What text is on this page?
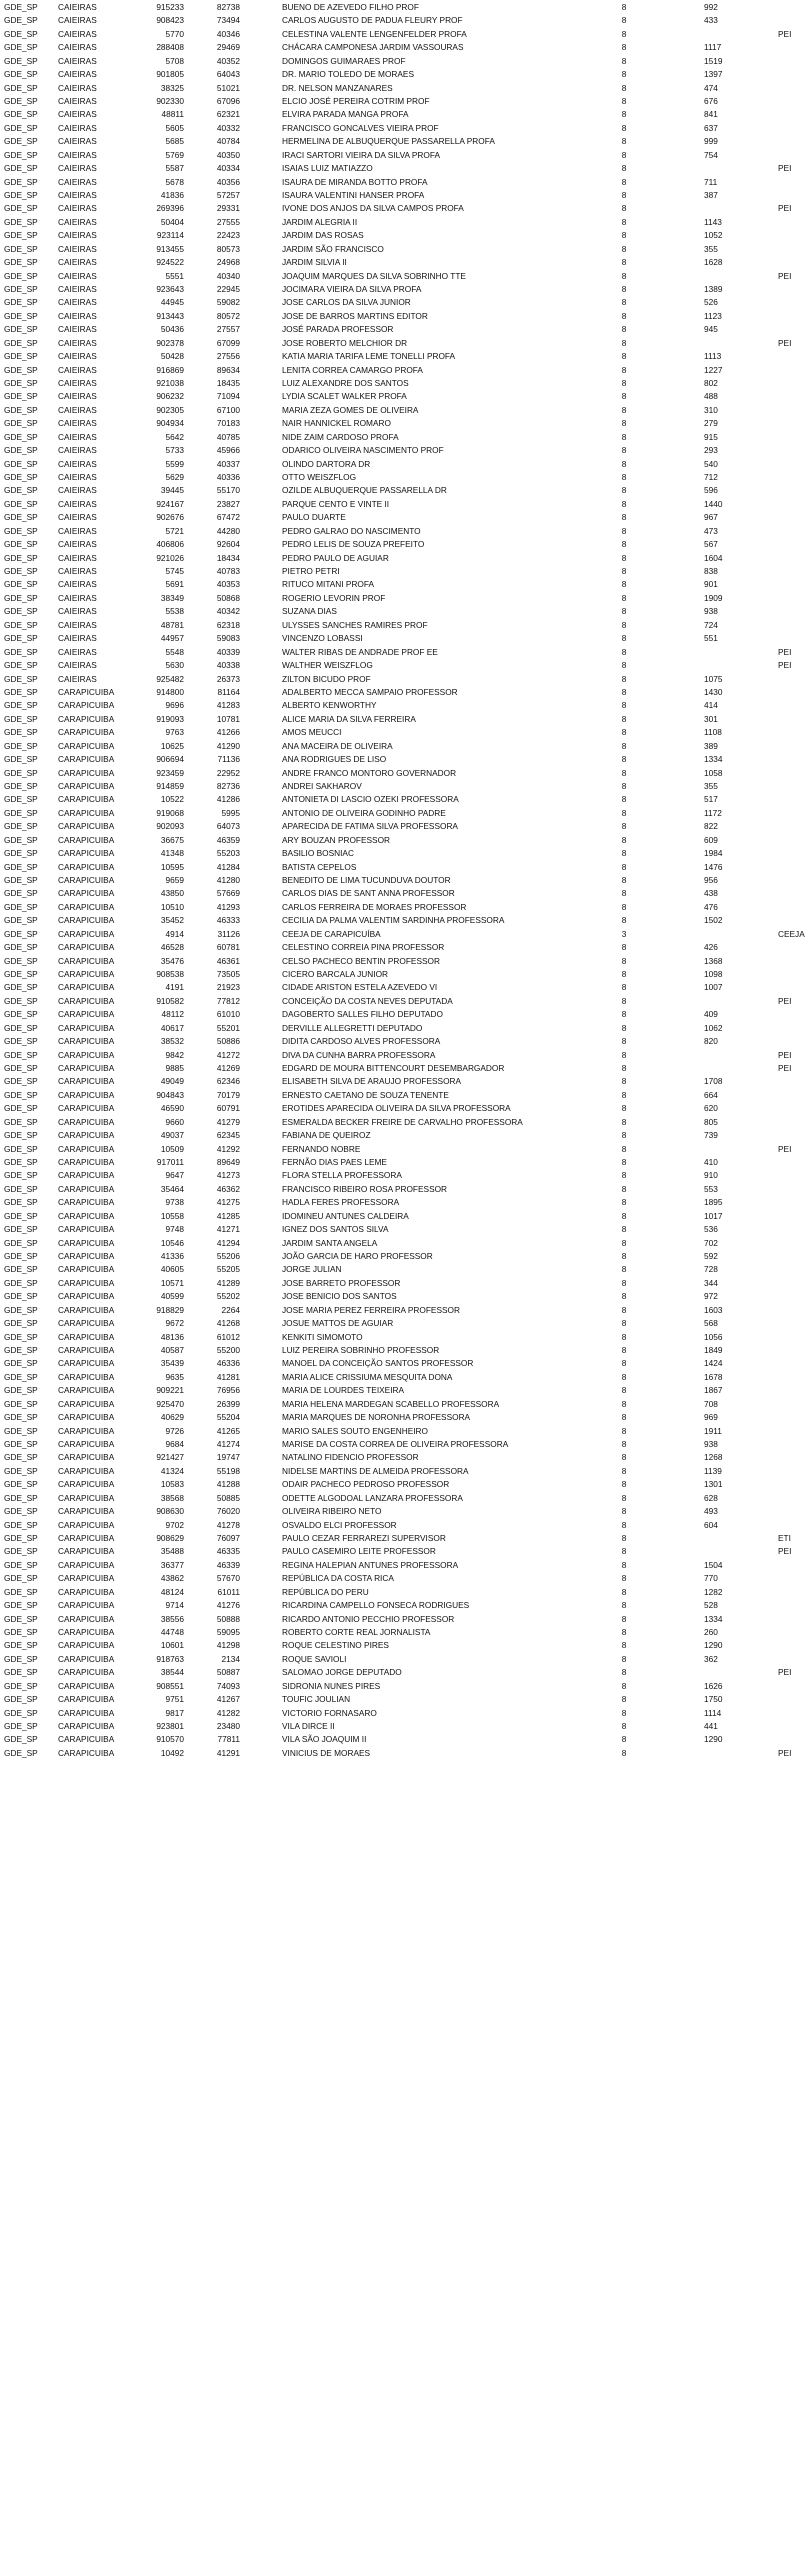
GDE_SP	CAIEIRAS	915233	82738	BUENO DE AZEVEDO FILHO PROF	8	992
GDE_SP	CAIEIRAS	908423	73494	CARLOS AUGUSTO DE PADUA FLEURY PROF	8	433
GDE_SP	CAIEIRAS	5770	40346	CELESTINA VALENTE LENGENFELDER PROFA	8	PEI
GDE_SP	CAIEIRAS	288408	29469	CHÁCARA CAMPONESA JARDIM VASSOURAS	8	1117
GDE_SP	CAIEIRAS	5708	40352	DOMINGOS GUIMARAES PROF	8	1519
GDE_SP	CAIEIRAS	901805	64043	DR. MARIO TOLEDO DE MORAES	8	1397
GDE_SP	CAIEIRAS	38325	51021	DR. NELSON MANZANARES	8	474
GDE_SP	CAIEIRAS	902330	67096	ELCIO JOSÉ PEREIRA COTRIM PROF	8	676
GDE_SP	CAIEIRAS	48811	62321	ELVIRA PARADA MANGA PROFA	8	841
GDE_SP	CAIEIRAS	5605	40332	FRANCISCO GONCALVES VIEIRA PROF	8	637
GDE_SP	CAIEIRAS	5685	40784	HERMELINA DE ALBUQUERQUE PASSARELLA PROFA	8	999
GDE_SP	CAIEIRAS	5769	40350	IRACI SARTORI VIEIRA DA SILVA PROFA	8	754
GDE_SP	CAIEIRAS	5587	40334	ISAIAS LUIZ MATIAZZO	8	PEI
GDE_SP	CAIEIRAS	5678	40356	ISAURA DE MIRANDA BOTTO PROFA	8	711
GDE_SP	CAIEIRAS	41836	57257	ISAURA VALENTINI HANSER PROFA	8	387
GDE_SP	CAIEIRAS	269396	29331	IVONE DOS ANJOS DA SILVA CAMPOS PROFA	8	PEI
GDE_SP	CAIEIRAS	50404	27555	JARDIM ALEGRIA II	8	1143
GDE_SP	CAIEIRAS	923114	22423	JARDIM DAS ROSAS	8	1052
GDE_SP	CAIEIRAS	913455	80573	JARDIM SÃO FRANCISCO	8	355
GDE_SP	CAIEIRAS	924522	24968	JARDIM SILVIA II	8	1628
GDE_SP	CAIEIRAS	5551	40340	JOAQUIM MARQUES DA SILVA SOBRINHO TTE	8	PEI
GDE_SP	CAIEIRAS	923643	22945	JOCIMARA VIEIRA DA SILVA PROFA	8	1389
GDE_SP	CAIEIRAS	44945	59082	JOSE CARLOS DA SILVA JUNIOR	8	526
GDE_SP	CAIEIRAS	913443	80572	JOSE DE BARROS MARTINS EDITOR	8	1123
GDE_SP	CAIEIRAS	50436	27557	JOSÉ PARADA PROFESSOR	8	945
GDE_SP	CAIEIRAS	902378	67099	JOSE ROBERTO MELCHIOR DR	8	PEI
GDE_SP	CAIEIRAS	50428	27556	KATIA MARIA TARIFA LEME TONELLI PROFA	8	1113
GDE_SP	CAIEIRAS	916869	89634	LENITA CORREA CAMARGO PROFA	8	1227
GDE_SP	CAIEIRAS	921038	18435	LUIZ ALEXANDRE DOS SANTOS	8	802
GDE_SP	CAIEIRAS	906232	71094	LYDIA SCALET WALKER PROFA	8	488
GDE_SP	CAIEIRAS	902305	67100	MARIA ZEZA GOMES DE OLIVEIRA	8	310
GDE_SP	CAIEIRAS	904934	70183	NAIR HANNICKEL ROMARO	8	279
GDE_SP	CAIEIRAS	5642	40785	NIDE ZAIM CARDOSO PROFA	8	915
GDE_SP	CAIEIRAS	5733	45966	ODARICO OLIVEIRA NASCIMENTO PROF	8	293
GDE_SP	CAIEIRAS	5599	40337	OLINDO DARTORA DR	8	540
GDE_SP	CAIEIRAS	5629	40336	OTTO WEISZFLOG	8	712
GDE_SP	CAIEIRAS	39445	55170	OZILDE ALBUQUERQUE PASSARELLA DR	8	596
GDE_SP	CAIEIRAS	924167	23827	PARQUE CENTO E VINTE II	8	1440
GDE_SP	CAIEIRAS	902676	67472	PAULO DUARTE	8	967
GDE_SP	CAIEIRAS	5721	44280	PEDRO GALRAO DO NASCIMENTO	8	473
GDE_SP	CAIEIRAS	406806	92604	PEDRO LELIS DE SOUZA PREFEITO	8	567
GDE_SP	CAIEIRAS	921026	18434	PEDRO PAULO DE AGUIAR	8	1604
GDE_SP	CAIEIRAS	5745	40783	PIETRO PETRI	8	838
GDE_SP	CAIEIRAS	5691	40353	RITUCO MITANI PROFA	8	901
GDE_SP	CAIEIRAS	38349	50868	ROGERIO LEVORIN PROF	8	1909
GDE_SP	CAIEIRAS	5538	40342	SUZANA DIAS	8	938
GDE_SP	CAIEIRAS	48781	62318	ULYSSES SANCHES RAMIRES PROF	8	724
GDE_SP	CAIEIRAS	44957	59083	VINCENZO LOBASSI	8	551
GDE_SP	CAIEIRAS	5548	40339	WALTER RIBAS DE ANDRADE PROF EE	8	PEI
GDE_SP	CAIEIRAS	5630	40338	WALTHER WEISZFLOG	8	PEI
GDE_SP	CAIEIRAS	925482	26373	ZILTON BICUDO PROF	8	1075
GDE_SP	CARAPICUIBA	914800	81164	ADALBERTO MECCA SAMPAIO PROFESSOR	8	1430
GDE_SP	CARAPICUIBA	9696	41283	ALBERTO KENWORTHY	8	414
GDE_SP	CARAPICUIBA	919093	10781	ALICE MARIA DA SILVA FERREIRA	8	301
GDE_SP	CARAPICUIBA	9763	41266	AMOS MEUCCI	8	1108
GDE_SP	CARAPICUIBA	10625	41290	ANA MACEIRA DE OLIVEIRA	8	389
GDE_SP	CARAPICUIBA	906694	71136	ANA RODRIGUES DE LISO	8	1334
GDE_SP	CARAPICUIBA	923459	22952	ANDRE FRANCO MONTORO GOVERNADOR	8	1058
GDE_SP	CARAPICUIBA	914859	82736	ANDREI SAKHAROV	8	355
GDE_SP	CARAPICUIBA	10522	41286	ANTONIETA DI LASCIO OZEKI PROFESSORA	8	517
GDE_SP	CARAPICUIBA	919068	5995	ANTONIO DE OLIVEIRA GODINHO PADRE	8	1172
GDE_SP	CARAPICUIBA	902093	64073	APARECIDA DE FATIMA SILVA PROFESSORA	8	822
GDE_SP	CARAPICUIBA	36675	46359	ARY BOUZAN PROFESSOR	8	609
GDE_SP	CARAPICUIBA	41348	55203	BASILIO BOSNIAC	8	1984
GDE_SP	CARAPICUIBA	10595	41284	BATISTA CEPELOS	8	1476
GDE_SP	CARAPICUIBA	9659	41280	BENEDITO DE LIMA TUCUNDUVA DOUTOR	8	956
GDE_SP	CARAPICUIBA	43850	57669	CARLOS DIAS DE SANT ANNA PROFESSOR	8	438
GDE_SP	CARAPICUIBA	10510	41293	CARLOS FERREIRA DE MORAES PROFESSOR	8	476
GDE_SP	CARAPICUIBA	35452	46333	CECILIA DA PALMA VALENTIM SARDINHA PROFESSORA	8	1502
GDE_SP	CARAPICUIBA	4914	31126	CEEJA DE CARAPICUÍBA	3	CEEJA
GDE_SP	CARAPICUIBA	46528	60781	CELESTINO CORREIA PINA PROFESSOR	8	426
GDE_SP	CARAPICUIBA	35476	46361	CELSO PACHECO BENTIN PROFESSOR	8	1368
GDE_SP	CARAPICUIBA	908538	73505	CICERO BARCALA JUNIOR	8	1098
GDE_SP	CARAPICUIBA	4191	21923	CIDADE ARISTON ESTELA AZEVEDO VI	8	1007
GDE_SP	CARAPICUIBA	910582	77812	CONCEIÇÃO DA COSTA NEVES DEPUTADA	8	PEI
GDE_SP	CARAPICUIBA	48112	61010	DAGOBERTO SALLES FILHO DEPUTADO	8	409
GDE_SP	CARAPICUIBA	40617	55201	DERVILLE ALLEGRETTI DEPUTADO	8	1062
GDE_SP	CARAPICUIBA	38532	50886	DIDITA CARDOSO ALVES PROFESSORA	8	820
GDE_SP	CARAPICUIBA	9842	41272	DIVA DA CUNHA BARRA PROFESSORA	8	PEI
GDE_SP	CARAPICUIBA	9885	41269	EDGARD DE MOURA BITTENCOURT DESEMBARGADOR	8	PEI
GDE_SP	CARAPICUIBA	49049	62346	ELISABETH SILVA DE ARAUJO PROFESSORA	8	1708
GDE_SP	CARAPICUIBA	904843	70179	ERNESTO CAETANO DE SOUZA TENENTE	8	664
GDE_SP	CARAPICUIBA	46590	60791	EROTIDES APARECIDA OLIVEIRA DA SILVA PROFESSORA	8	620
GDE_SP	CARAPICUIBA	9660	41279	ESMERALDA BECKER FREIRE DE CARVALHO PROFESSORA	8	805
GDE_SP	CARAPICUIBA	49037	62345	FABIANA DE QUEIROZ	8	739
GDE_SP	CARAPICUIBA	10509	41292	FERNANDO NOBRE	8	PEI
GDE_SP	CARAPICUIBA	917011	89649	FERNÃO DIAS PAES LEME	8	410
GDE_SP	CARAPICUIBA	9647	41273	FLORA STELLA PROFESSORA	8	910
GDE_SP	CARAPICUIBA	35464	46362	FRANCISCO RIBEIRO ROSA PROFESSOR	8	553
GDE_SP	CARAPICUIBA	9738	41275	HADLA FERES PROFESSORA	8	1895
GDE_SP	CARAPICUIBA	10558	41285	IDOMINEU ANTUNES CALDEIRA	8	1017
GDE_SP	CARAPICUIBA	9748	41271	IGNEZ DOS SANTOS SILVA	8	536
GDE_SP	CARAPICUIBA	10546	41294	JARDIM SANTA ANGELA	8	702
GDE_SP	CARAPICUIBA	41336	55206	JOÃO GARCIA DE HARO PROFESSOR	8	592
GDE_SP	CARAPICUIBA	40605	55205	JORGE JULIAN	8	728
GDE_SP	CARAPICUIBA	10571	41289	JOSE BARRETO PROFESSOR	8	344
GDE_SP	CARAPICUIBA	40599	55202	JOSE BENICIO DOS SANTOS	8	972
GDE_SP	CARAPICUIBA	918829	2264	JOSE MARIA PEREZ FERREIRA PROFESSOR	8	1603
GDE_SP	CARAPICUIBA	9672	41268	JOSUE MATTOS DE AGUIAR	8	568
GDE_SP	CARAPICUIBA	48136	61012	KENKITI SIMOMOTO	8	1056
GDE_SP	CARAPICUIBA	40587	55200	LUIZ PEREIRA SOBRINHO PROFESSOR	8	1849
GDE_SP	CARAPICUIBA	35439	46336	MANOEL DA CONCEIÇÃO SANTOS PROFESSOR	8	1424
GDE_SP	CARAPICUIBA	9635	41281	MARIA ALICE CRISSIUMA MESQUITA DONA	8	1678
GDE_SP	CARAPICUIBA	909221	76956	MARIA DE LOURDES TEIXEIRA	8	1867
GDE_SP	CARAPICUIBA	925470	26399	MARIA HELENA MARDEGAN SCABELLO PROFESSORA	8	708
GDE_SP	CARAPICUIBA	40629	55204	MARIA MARQUES DE NORONHA PROFESSORA	8	969
GDE_SP	CARAPICUIBA	9726	41265	MARIO SALES SOUTO ENGENHEIRO	8	1911
GDE_SP	CARAPICUIBA	9684	41274	MARISE DA COSTA CORREA DE OLIVEIRA PROFESSORA	8	938
GDE_SP	CARAPICUIBA	921427	19747	NATALINO FIDENCIO PROFESSOR	8	1268
GDE_SP	CARAPICUIBA	41324	55198	NIDELSE MARTINS DE ALMEIDA PROFESSORA	8	1139
GDE_SP	CARAPICUIBA	10583	41288	ODAIR PACHECO PEDROSO PROFESSOR	8	1301
GDE_SP	CARAPICUIBA	38568	50885	ODETTE ALGODOAL LANZARA PROFESSORA	8	628
GDE_SP	CARAPICUIBA	908630	76020	OLIVEIRA RIBEIRO NETO	8	493
GDE_SP	CARAPICUIBA	9702	41278	OSVALDO ELCI PROFESSOR	8	604
GDE_SP	CARAPICUIBA	908629	76097	PAULO CEZAR FERRAREZI SUPERVISOR	8	ETI
GDE_SP	CARAPICUIBA	35488	46335	PAULO CASEMIRO LEITE PROFESSOR	8	PEI
GDE_SP	CARAPICUIBA	36377	46339	REGINA HALEPIAN ANTUNES PROFESSORA	8	1504
GDE_SP	CARAPICUIBA	43862	57670	REPÚBLICA DA COSTA RICA	8	770
GDE_SP	CARAPICUIBA	48124	61011	REPÚBLICA DO PERU	8	1282
GDE_SP	CARAPICUIBA	9714	41276	RICARDINA CAMPELLO FONSECA RODRIGUES	8	528
GDE_SP	CARAPICUIBA	38556	50888	RICARDO ANTONIO PECCHIO PROFESSOR	8	1334
GDE_SP	CARAPICUIBA	44748	59095	ROBERTO CORTE REAL JORNALISTA	8	260
GDE_SP	CARAPICUIBA	10601	41298	ROQUE CELESTINO PIRES	8	1290
GDE_SP	CARAPICUIBA	918763	2134	ROQUE SAVIOLI	8	362
GDE_SP	CARAPICUIBA	38544	50887	SALOMAO JORGE DEPUTADO	8	PEI
GDE_SP	CARAPICUIBA	908551	74093	SIDRONIA NUNES PIRES	8	1626
GDE_SP	CARAPICUIBA	9751	41267	TOUFIC JOULIAN	8	1750
GDE_SP	CARAPICUIBA	9817	41282	VICTORIO FORNASARO	8	1114
GDE_SP	CARAPICUIBA	923801	23480	VILA DIRCE II	8	441
GDE_SP	CARAPICUIBA	910570	77811	VILA SÃO JOAQUIM II	8	1290
GDE_SP	CARAPICUIBA	10492	41291	VINICIUS DE MORAES	8	PEI
